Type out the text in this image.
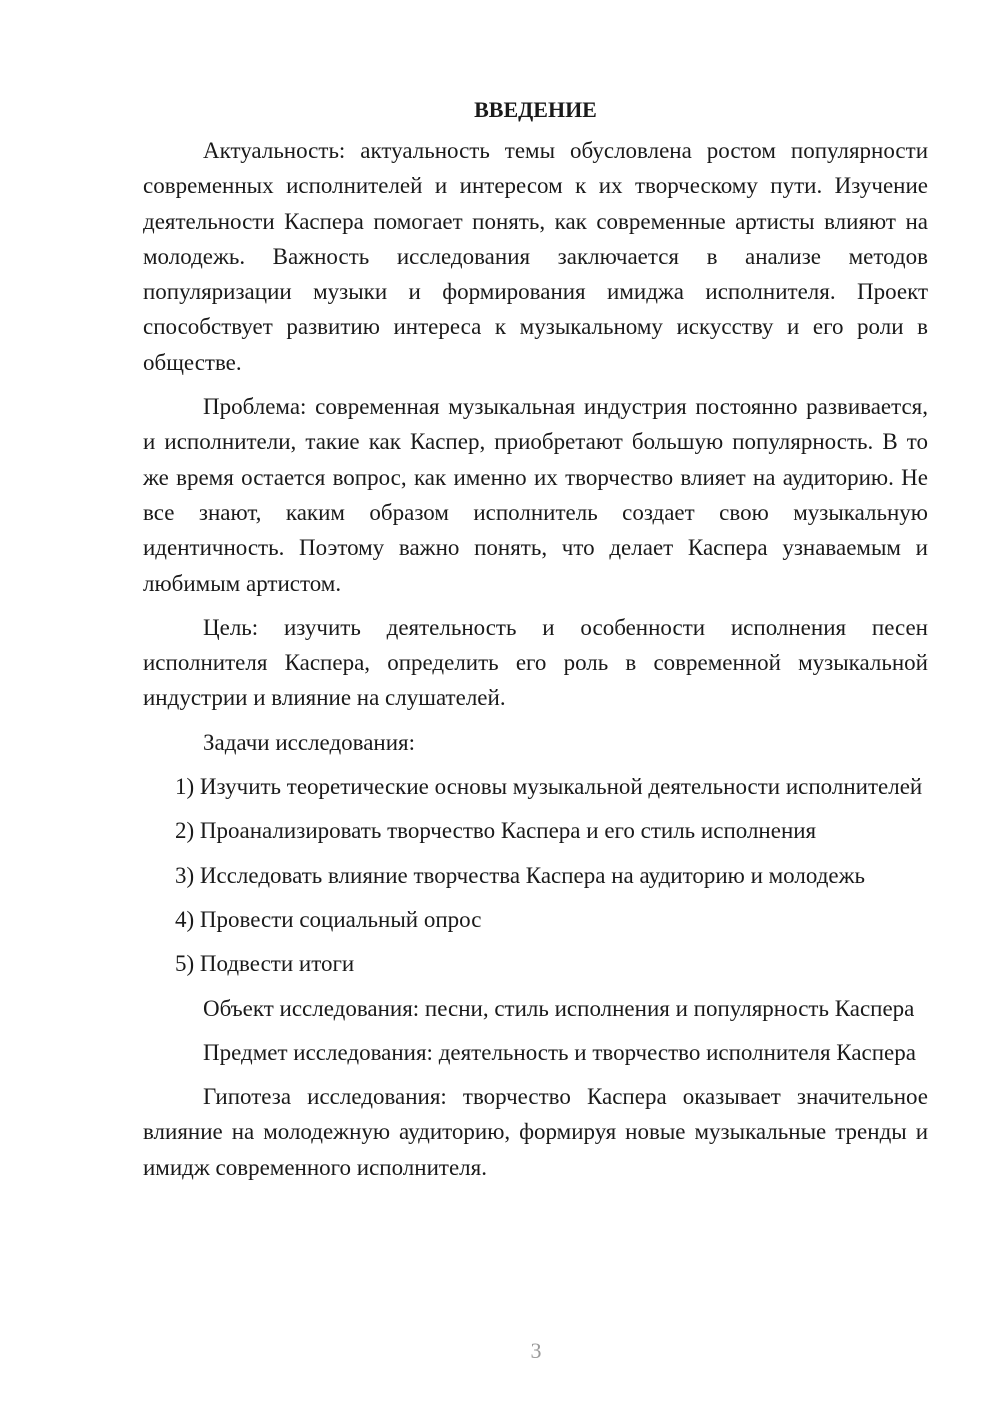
ВВЕДЕНИЕ

Актуальность: актуальность темы обусловлена ростом популярности современных исполнителей и интересом к их творческому пути. Изучение деятельности Каспера помогает понять, как современные артисты влияют на молодежь. Важность исследования заключается в анализе методов популяризации музыки и формирования имиджа исполнителя. Проект способствует развитию интереса к музыкальному искусству и его роли в обществе.

Проблема: современная музыкальная индустрия постоянно развивается, и исполнители, такие как Каспер, приобретают большую популярность. В то же время остается вопрос, как именно их творчество влияет на аудиторию. Не все знают, каким образом исполнитель создает свою музыкальную идентичность. Поэтому важно понять, что делает Каспера узнаваемым и любимым артистом.

Цель: изучить деятельность и особенности исполнения песен исполнителя Каспера, определить его роль в современной музыкальной индустрии и влияние на слушателей.

Задачи исследования:

1) Изучить теоретические основы музыкальной деятельности исполнителей

2) Проанализировать творчество Каспера и его стиль исполнения

3) Исследовать влияние творчества Каспера на аудиторию и молодежь

4) Провести социальный опрос

5) Подвести итоги

Объект исследования: песни, стиль исполнения и популярность Каспера

Предмет исследования: деятельность и творчество исполнителя Каспера

Гипотеза исследования: творчество Каспера оказывает значительное влияние на молодежную аудиторию, формируя новые музыкальные тренды и имидж современного исполнителя.

3
